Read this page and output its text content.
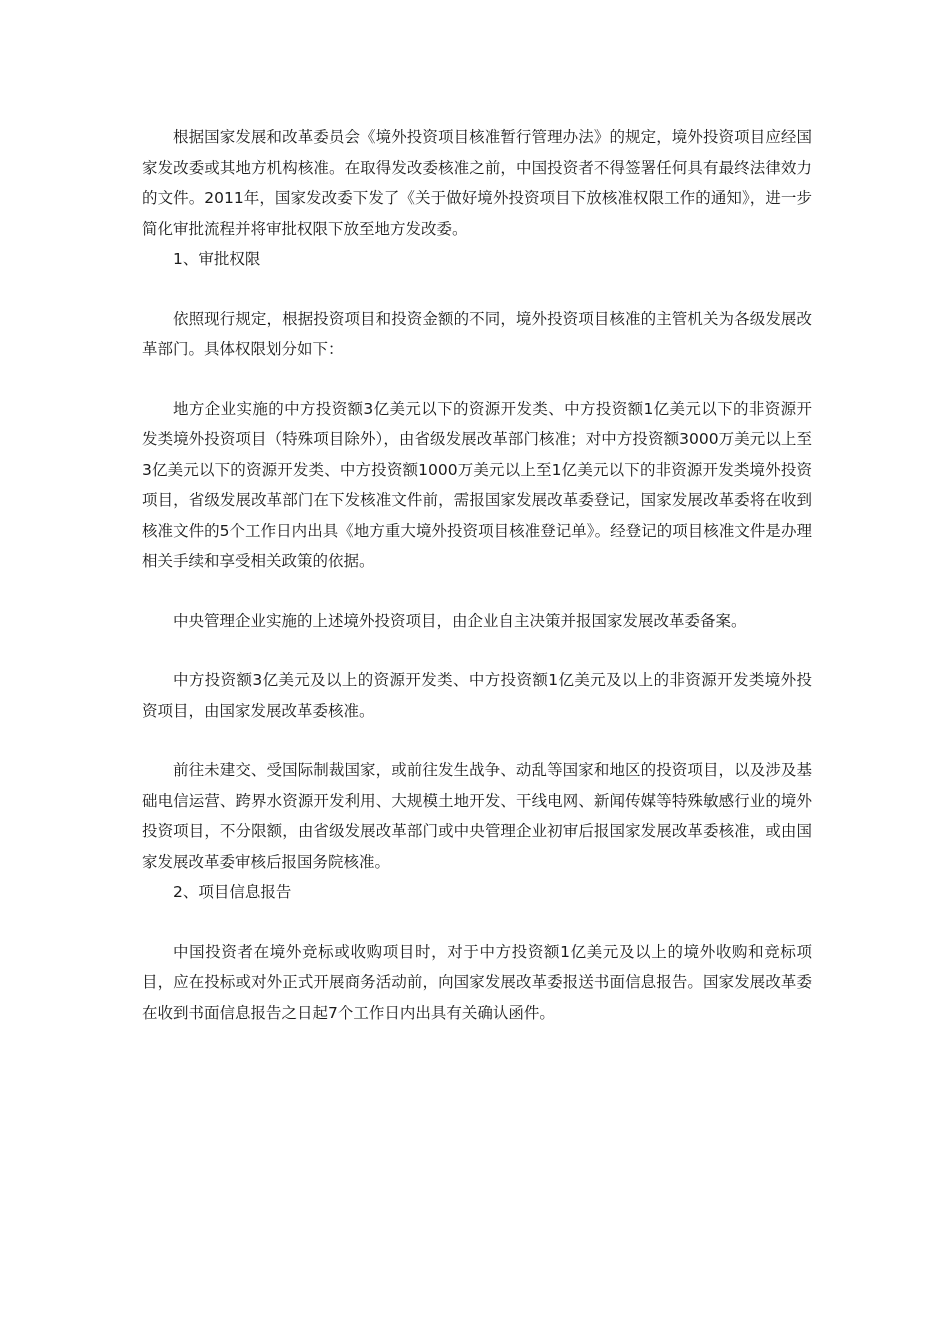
根据国家发展和改革委员会《境外投资项目核准暂行管理办法》的规定，境外投资项目应经国家发改委或其地方机构核准。在取得发改委核准之前，中国投资者不得签署任何具有最终法律效力的文件。2011年，国家发改委下发了《关于做好境外投资项目下放核准权限工作的通知》，进一步简化审批流程并将审批权限下放至地方发改委。

1、审批权限

依照现行规定，根据投资项目和投资金额的不同，境外投资项目核准的主管机关为各级发展改革部门。具体权限划分如下：

地方企业实施的中方投资额3亿美元以下的资源开发类、中方投资额1亿美元以下的非资源开发类境外投资项目（特殊项目除外），由省级发展改革部门核准；对中方投资额3000万美元以上至3亿美元以下的资源开发类、中方投资额1000万美元以上至1亿美元以下的非资源开发类境外投资项目，省级发展改革部门在下发核准文件前，需报国家发展改革委登记，国家发展改革委将在收到核准文件的5个工作日内出具《地方重大境外投资项目核准登记单》。经登记的项目核准文件是办理相关手续和享受相关政策的依据。

中央管理企业实施的上述境外投资项目，由企业自主决策并报国家发展改革委备案。

中方投资额3亿美元及以上的资源开发类、中方投资额1亿美元及以上的非资源开发类境外投资项目，由国家发展改革委核准。

前往未建交、受国际制裁国家，或前往发生战争、动乱等国家和地区的投资项目，以及涉及基础电信运营、跨界水资源开发利用、大规模土地开发、干线电网、新闻传媒等特殊敏感行业的境外投资项目，不分限额，由省级发展改革部门或中央管理企业初审后报国家发展改革委核准，或由国家发展改革委审核后报国务院核准。

2、项目信息报告

中国投资者在境外竞标或收购项目时，对于中方投资额1亿美元及以上的境外收购和竞标项目，应在投标或对外正式开展商务活动前，向国家发展改革委报送书面信息报告。国家发展改革委在收到书面信息报告之日起7个工作日内出具有关确认函件。
